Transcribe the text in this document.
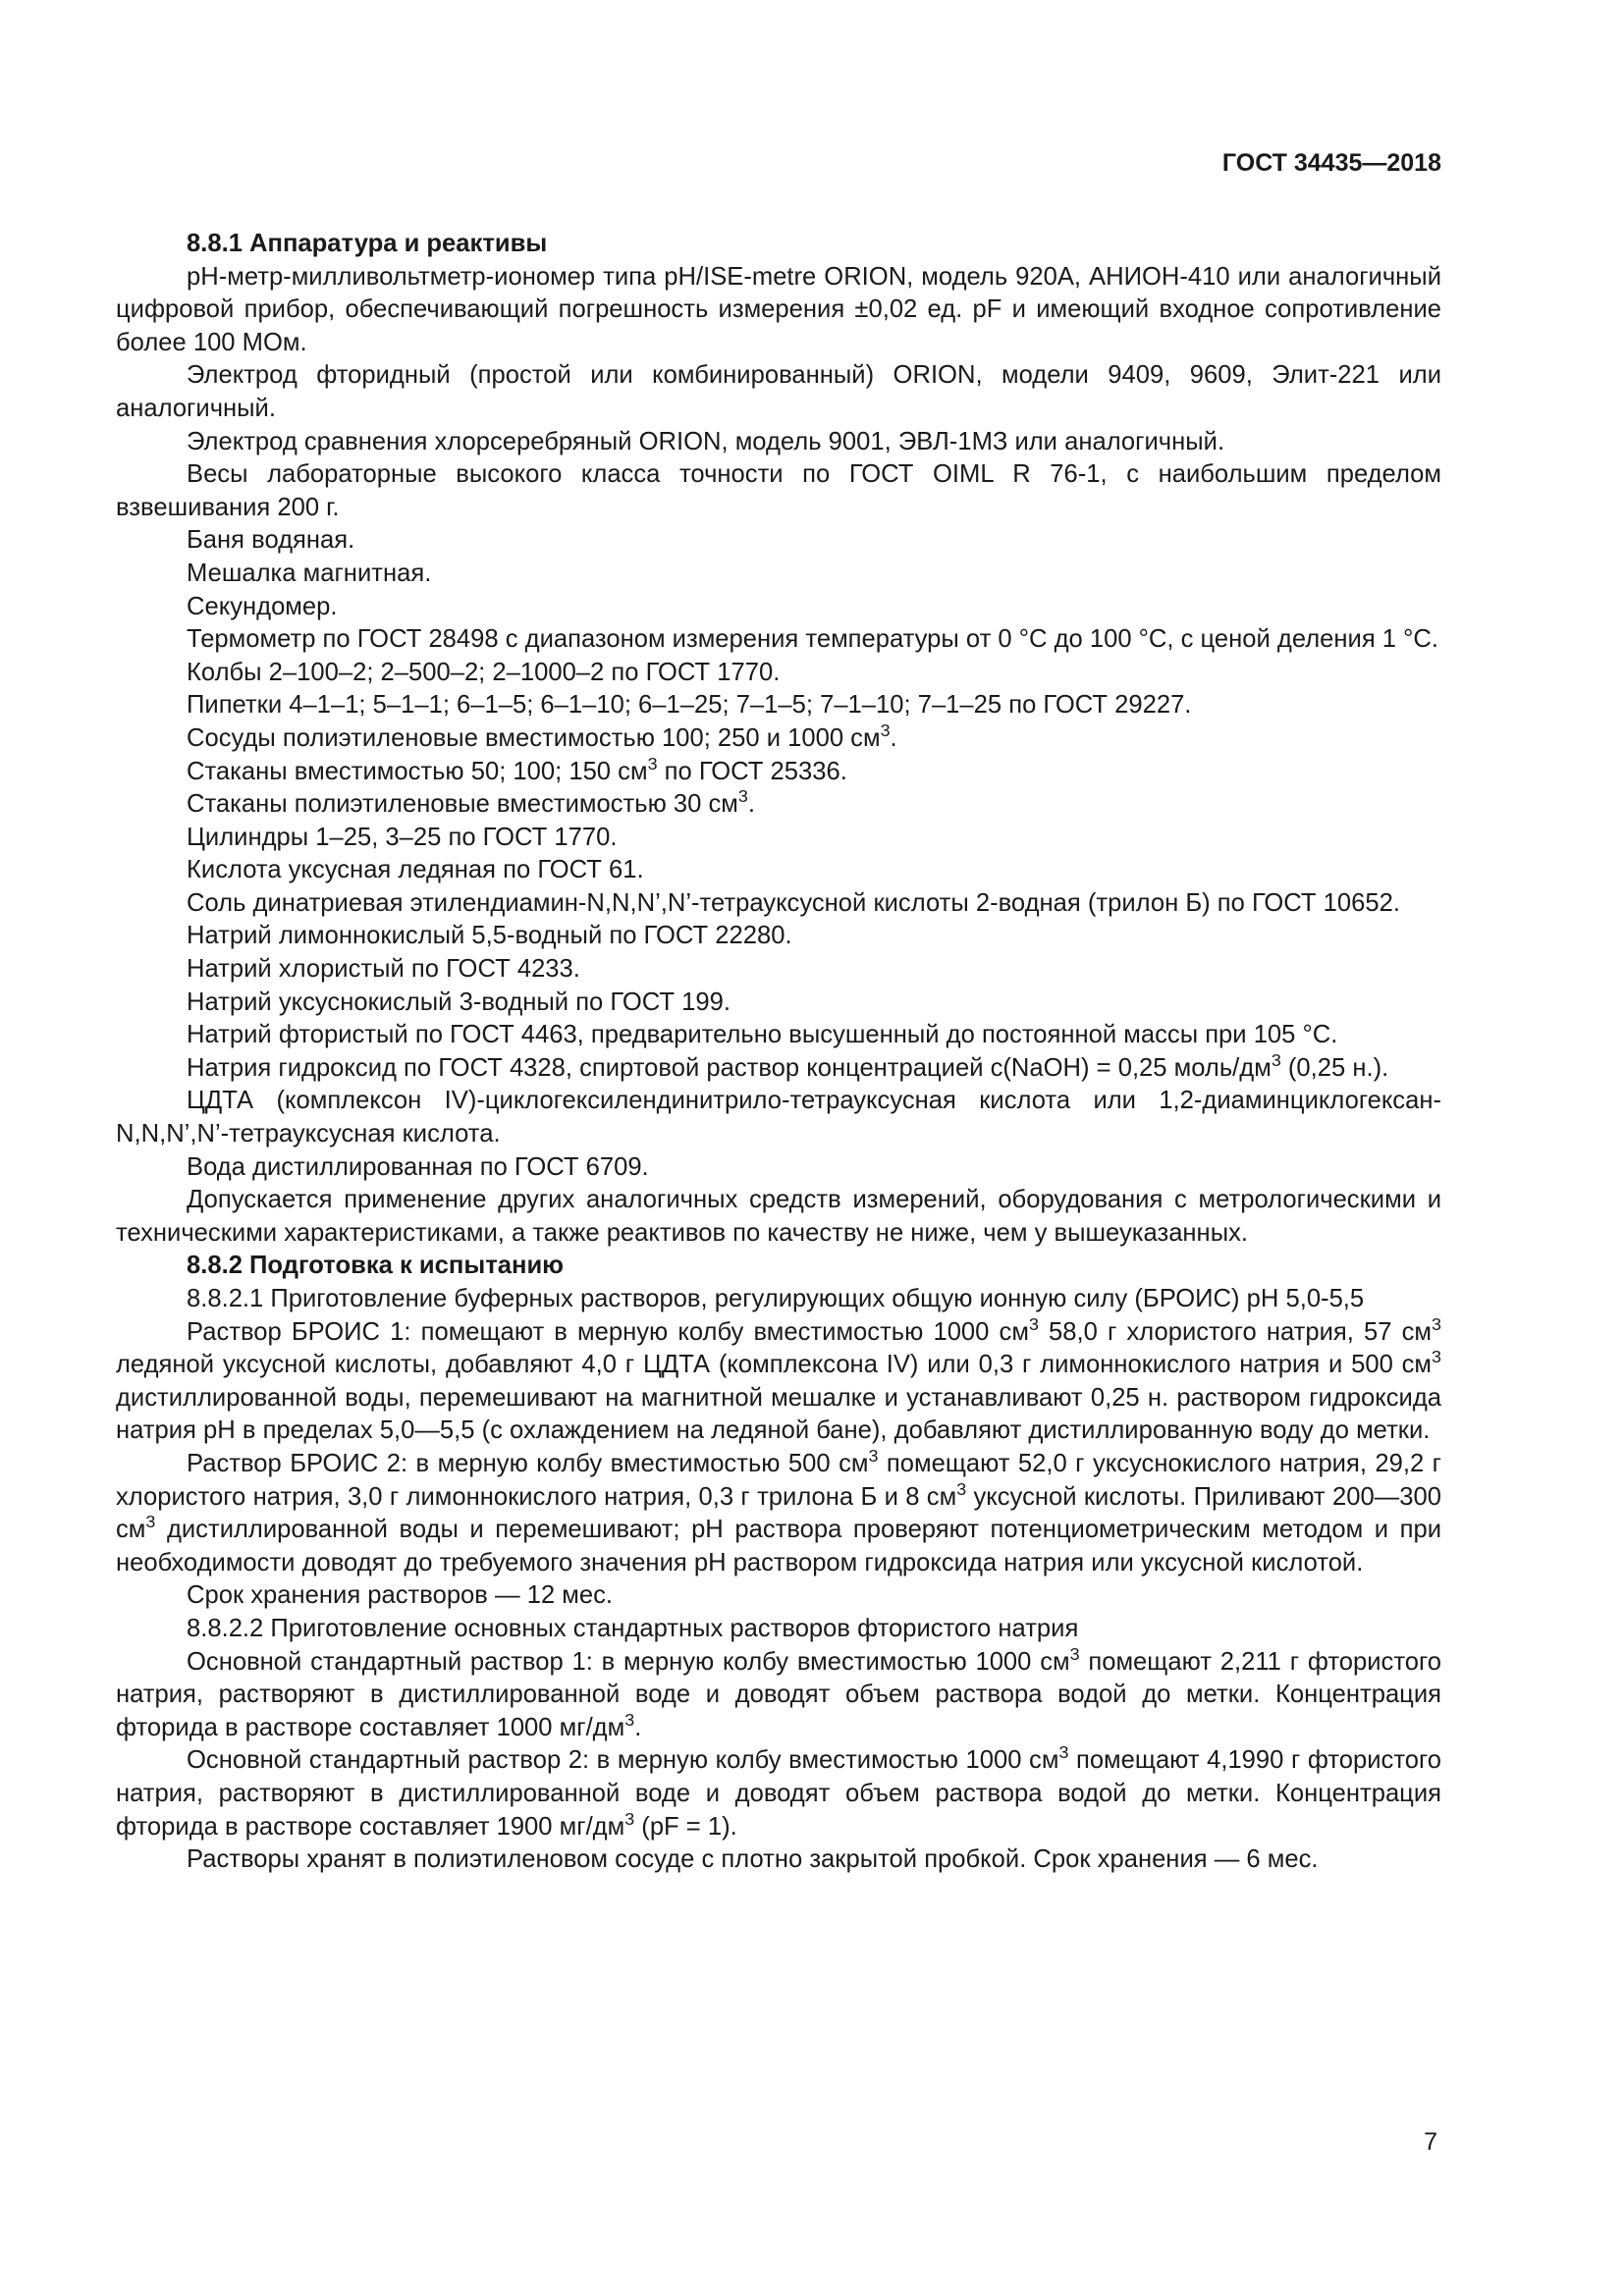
ГОСТ 34435—2018

8.8.1 Аппаратура и реактивы

pH-метр-милливольтметр-иономер типа pH/ISE-metre ORION, модель 920A, АНИОН-410 или аналогичный цифровой прибор, обеспечивающий погрешность измерения ±0,02 ед. pF и имеющий входное сопротивление более 100 МОм.

Электрод фторидный (простой или комбинированный) ORION, модели 9409, 9609, Элит-221 или аналогичный.

Электрод сравнения хлорсеребряный ORION, модель 9001, ЭВЛ-1МЗ или аналогичный.

Весы лабораторные высокого класса точности по ГОСТ OIML R 76-1, с наибольшим пределом взвешивания 200 г.

Баня водяная.

Мешалка магнитная.

Секундомер.

Термометр по ГОСТ 28498 с диапазоном измерения температуры от 0 °С до 100 °С, с ценой деления 1 °С.

Колбы 2–100–2; 2–500–2; 2–1000–2 по ГОСТ 1770.

Пипетки 4–1–1; 5–1–1; 6–1–5; 6–1–10; 6–1–25; 7–1–5; 7–1–10; 7–1–25 по ГОСТ 29227.

Сосуды полиэтиленовые вместимостью 100; 250 и 1000 $см^3$.

Стаканы вместимостью 50; 100; 150 $см^3$ по ГОСТ 25336.

Стаканы полиэтиленовые вместимостью 30 $см^3$.

Цилиндры 1–25, 3–25 по ГОСТ 1770.

Кислота уксусная ледяная по ГОСТ 61.

Соль динатриевая этилендиамин-N,N,N’,N’-тетрауксусной кислоты 2-водная (трилон Б) по ГОСТ 10652.

Натрий лимоннокислый 5,5-водный по ГОСТ 22280.

Натрий хлористый по ГОСТ 4233.

Натрий уксуснокислый 3-водный по ГОСТ 199.

Натрий фтористый по ГОСТ 4463, предварительно высушенный до постоянной массы при 105 °С.

Натрия гидроксид по ГОСТ 4328, спиртовой раствор концентрацией с(NaOH) = 0,25 моль/$дм^3$ (0,25 н.).

ЦДТА (комплексон IV)-циклогексилендинитрило-тетрауксусная кислота или 1,2-диаминциклогексан-N,N,N’,N’-тетрауксусная кислота.

Вода дистиллированная по ГОСТ 6709.

Допускается применение других аналогичных средств измерений, оборудования с метрологическими и техническими характеристиками, а также реактивов по качеству не ниже, чем у вышеуказанных.

8.8.2 Подготовка к испытанию

8.8.2.1 Приготовление буферных растворов, регулирующих общую ионную силу (БРОИС) pH 5,0-5,5

Раствор БРОИС 1: помещают в мерную колбу вместимостью 1000 $см^3$ 58,0 г хлористого натрия, 57 $см^3$ ледяной уксусной кислоты, добавляют 4,0 г ЦДТА (комплексона IV) или 0,3 г лимоннокислого натрия и 500 $см^3$ дистиллированной воды, перемешивают на магнитной мешалке и устанавливают 0,25 н. раствором гидроксида натрия pH в пределах 5,0—5,5 (с охлаждением на ледяной бане), добавляют дистиллированную воду до метки.

Раствор БРОИС 2: в мерную колбу вместимостью 500 $см^3$ помещают 52,0 г уксуснокислого натрия, 29,2 г хлористого натрия, 3,0 г лимоннокислого натрия, 0,3 г трилона Б и 8 $см^3$ уксусной кислоты. Приливают 200—300 $см^3$ дистиллированной воды и перемешивают; pH раствора проверяют потенциометрическим методом и при необходимости доводят до требуемого значения pH раствором гидроксида натрия или уксусной кислотой.

Срок хранения растворов — 12 мес.

8.8.2.2 Приготовление основных стандартных растворов фтористого натрия

Основной стандартный раствор 1: в мерную колбу вместимостью 1000 $см^3$ помещают 2,211 г фтористого натрия, растворяют в дистиллированной воде и доводят объем раствора водой до метки. Концентрация фторида в растворе составляет 1000 $мг/дм^3$.

Основной стандартный раствор 2: в мерную колбу вместимостью 1000 $см^3$ помещают 4,1990 г фтористого натрия, растворяют в дистиллированной воде и доводят объем раствора водой до метки. Концентрация фторида в растворе составляет 1900 $мг/дм^3$ (pF = 1).

Растворы хранят в полиэтиленовом сосуде с плотно закрытой пробкой. Срок хранения — 6 мес.

7
